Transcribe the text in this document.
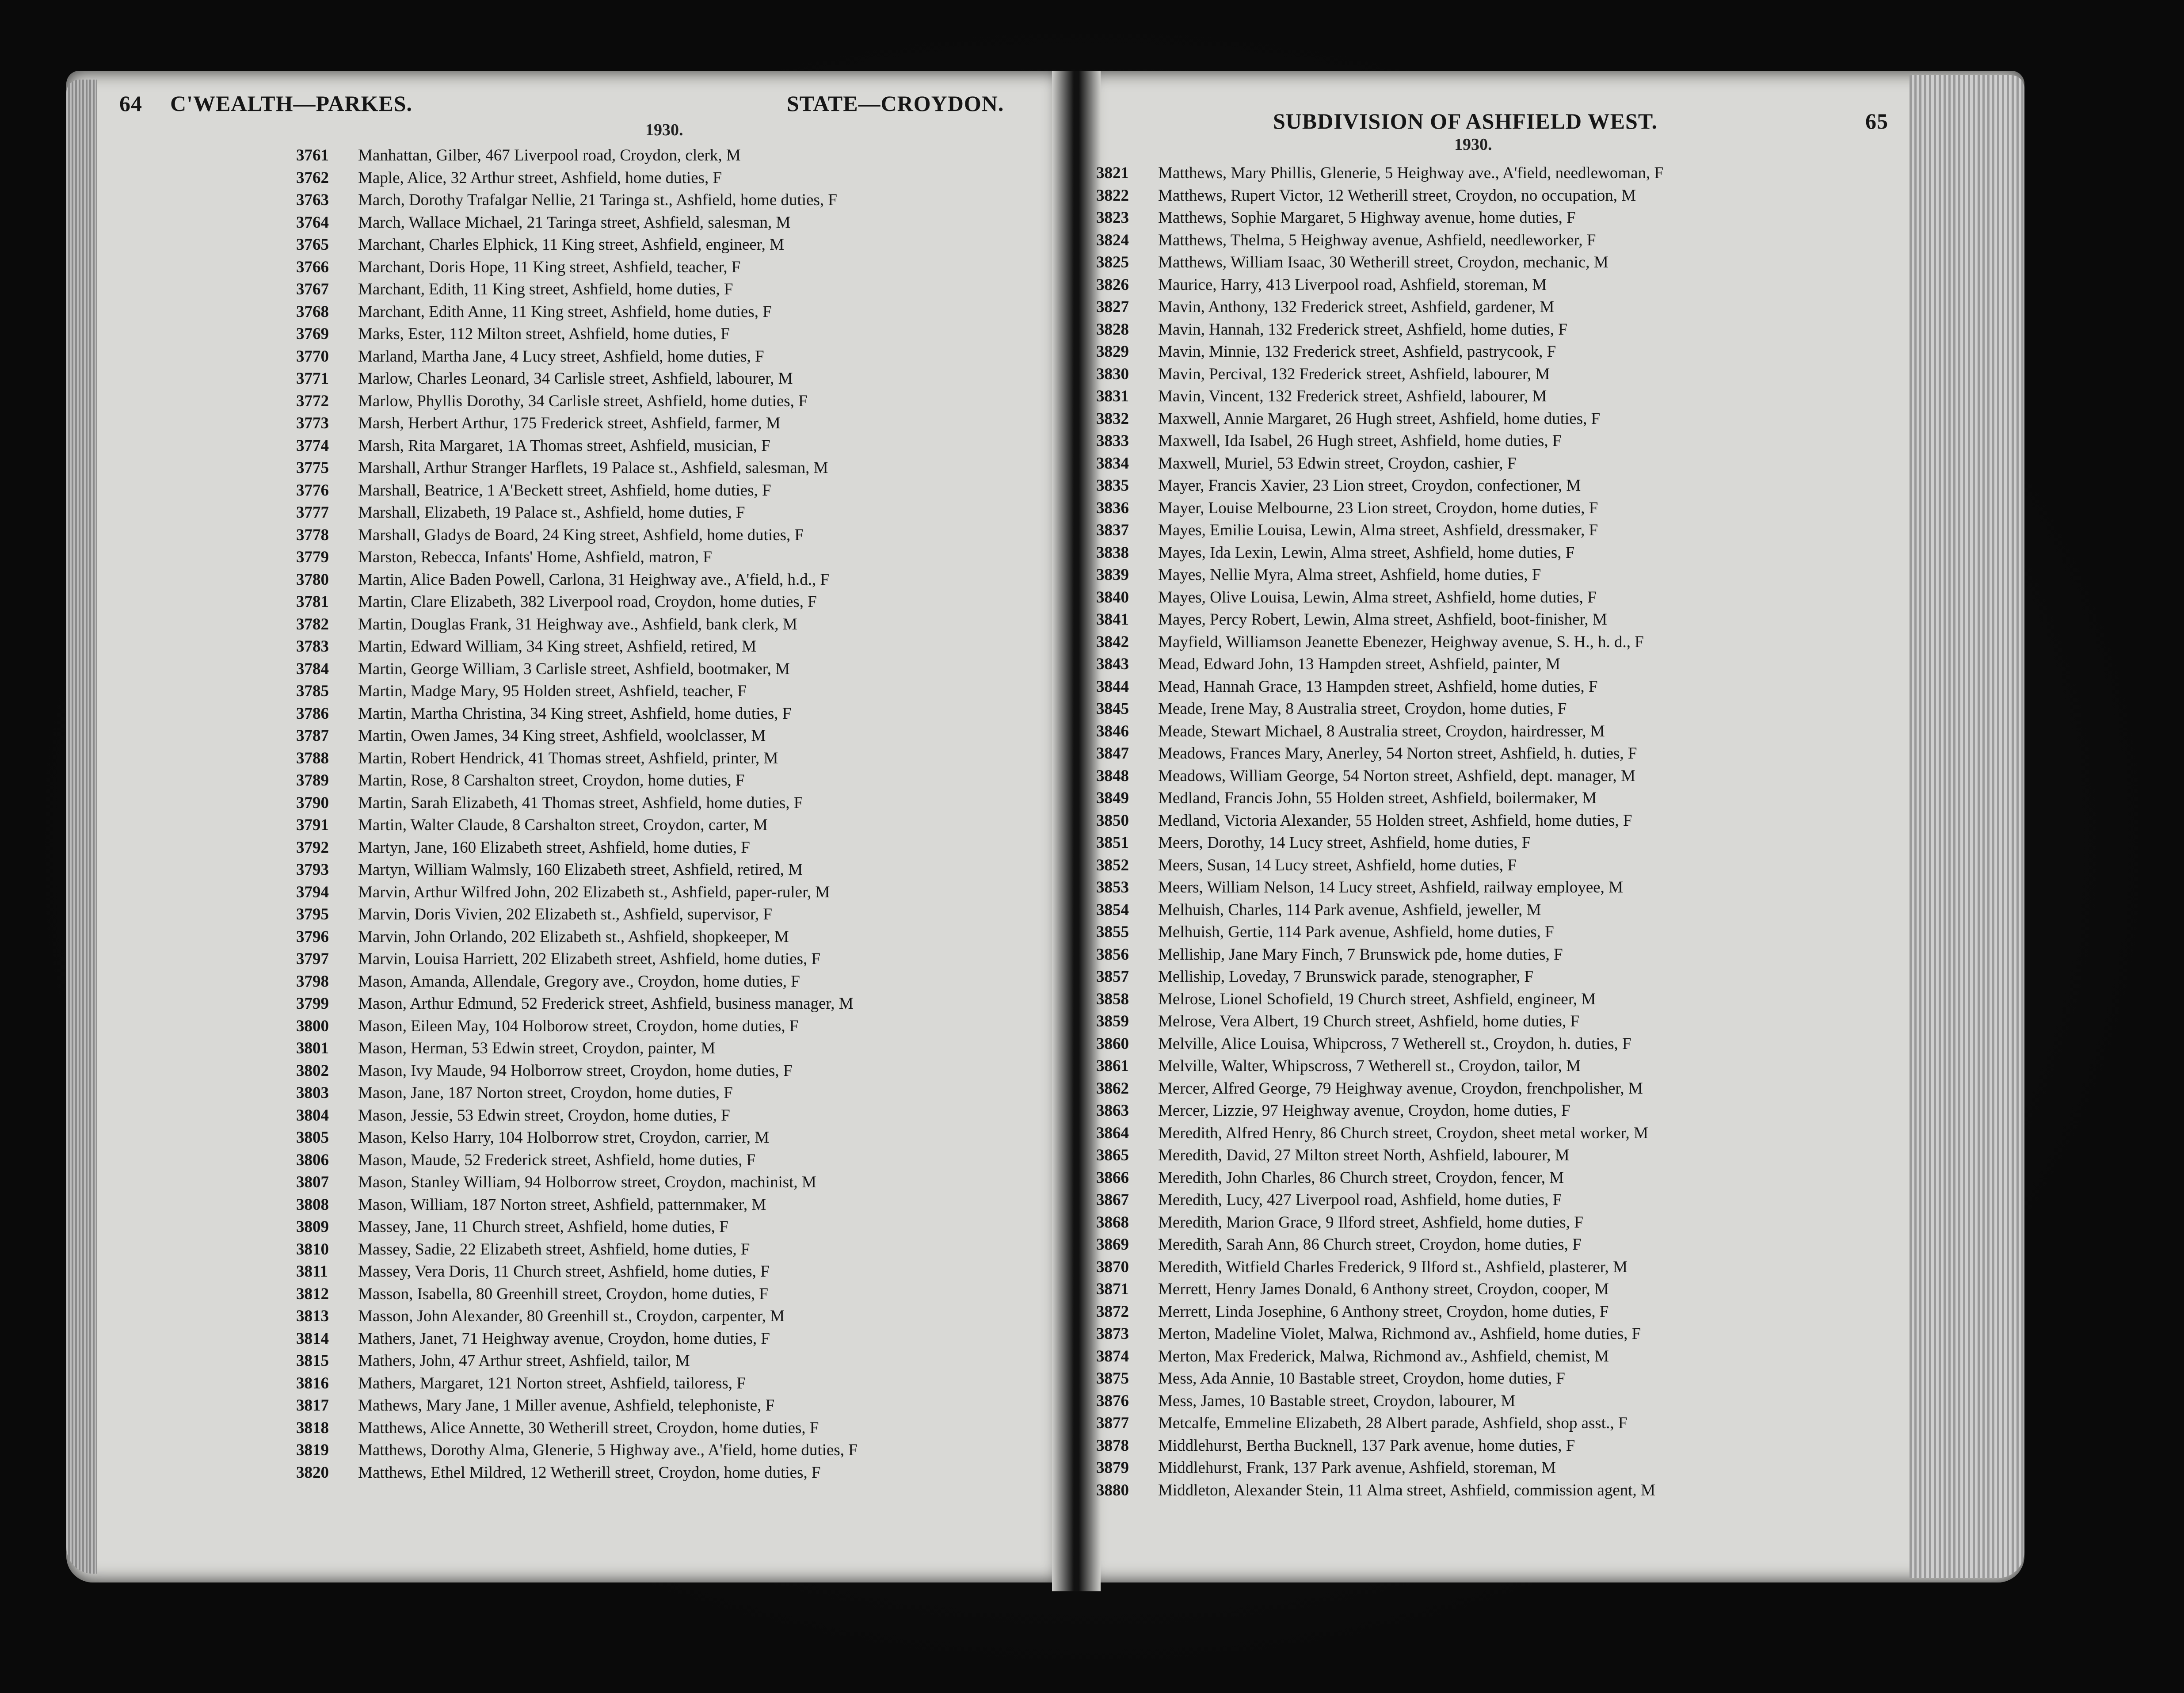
64 C'WEALTH—PARKES.	STATE—CROYDON.
1930.
3761	Manhattan, Gilber, 467 Liverpool road, Croydon, clerk, M
3762	Maple, Alice, 32 Arthur street, Ashfield, home duties, F
3763	March, Dorothy Trafalgar Nellie, 21 Taringa st., Ashfield, home duties, F
3764	March, Wallace Michael, 21 Taringa street, Ashfield, salesman, M
3765	Marchant, Charles Elphick, 11 King street, Ashfield, engineer, M
3766	Marchant, Doris Hope, 11 King street, Ashfield, teacher, F
3767	Marchant, Edith, 11 King street, Ashfield, home duties, F
3768	Marchant, Edith Anne, 11 King street, Ashfield, home duties, F
3769	Marks, Ester, 112 Milton street, Ashfield, home duties, F
3770	Marland, Martha Jane, 4 Lucy street, Ashfield, home duties, F
3771	Marlow, Charles Leonard, 34 Carlisle street, Ashfield, labourer, M
3772	Marlow, Phyllis Dorothy, 34 Carlisle street, Ashfield, home duties, F
3773	Marsh, Herbert Arthur, 175 Frederick street, Ashfield, farmer, M
3774	Marsh, Rita Margaret, 1A Thomas street, Ashfield, musician, F
3775	Marshall, Arthur Stranger Harflets, 19 Palace st., Ashfield, salesman, M
3776	Marshall, Beatrice, 1 A'Beckett street, Ashfield, home duties, F
3777	Marshall, Elizabeth, 19 Palace st., Ashfield, home duties, F
3778	Marshall, Gladys de Board, 24 King street, Ashfield, home duties, F
3779	Marston, Rebecca, Infants' Home, Ashfield, matron, F
3780	Martin, Alice Baden Powell, Carlona, 31 Heighway ave., A'field, h.d., F
3781	Martin, Clare Elizabeth, 382 Liverpool road, Croydon, home duties, F
3782	Martin, Douglas Frank, 31 Heighway ave., Ashfield, bank clerk, M
3783	Martin, Edward William, 34 King street, Ashfield, retired, M
3784	Martin, George William, 3 Carlisle street, Ashfield, bootmaker, M
3785	Martin, Madge Mary, 95 Holden street, Ashfield, teacher, F
3786	Martin, Martha Christina, 34 King street, Ashfield, home duties, F
3787	Martin, Owen James, 34 King street, Ashfield, woolclasser, M
3788	Martin, Robert Hendrick, 41 Thomas street, Ashfield, printer, M
3789	Martin, Rose, 8 Carshalton street, Croydon, home duties, F
3790	Martin, Sarah Elizabeth, 41 Thomas street, Ashfield, home duties, F
3791	Martin, Walter Claude, 8 Carshalton street, Croydon, carter, M
3792	Martyn, Jane, 160 Elizabeth street, Ashfield, home duties, F
3793	Martyn, William Walmsly, 160 Elizabeth street, Ashfield, retired, M
3794	Marvin, Arthur Wilfred John, 202 Elizabeth st., Ashfield, paper-ruler, M
3795	Marvin, Doris Vivien, 202 Elizabeth st., Ashfield, supervisor, F
3796	Marvin, John Orlando, 202 Elizabeth st., Ashfield, shopkeeper, M
3797	Marvin, Louisa Harriett, 202 Elizabeth street, Ashfield, home duties, F
3798	Mason, Amanda, Allendale, Gregory ave., Croydon, home duties, F
3799	Mason, Arthur Edmund, 52 Frederick street, Ashfield, business manager, M
3800	Mason, Eileen May, 104 Holborow street, Croydon, home duties, F
3801	Mason, Herman, 53 Edwin street, Croydon, painter, M
3802	Mason, Ivy Maude, 94 Holborrow street, Croydon, home duties, F
3803	Mason, Jane, 187 Norton street, Croydon, home duties, F
3804	Mason, Jessie, 53 Edwin street, Croydon, home duties, F
3805	Mason, Kelso Harry, 104 Holborrow stret, Croydon, carrier, M
3806	Mason, Maude, 52 Frederick street, Ashfield, home duties, F
3807	Mason, Stanley William, 94 Holborrow street, Croydon, machinist, M
3808	Mason, William, 187 Norton street, Ashfield, patternmaker, M
3809	Massey, Jane, 11 Church street, Ashfield, home duties, F
3810	Massey, Sadie, 22 Elizabeth street, Ashfield, home duties, F
3811	Massey, Vera Doris, 11 Church street, Ashfield, home duties, F
3812	Masson, Isabella, 80 Greenhill street, Croydon, home duties, F
3813	Masson, John Alexander, 80 Greenhill st., Croydon, carpenter, M
3814	Mathers, Janet, 71 Heighway avenue, Croydon, home duties, F
3815	Mathers, John, 47 Arthur street, Ashfield, tailor, M
3816	Mathers, Margaret, 121 Norton street, Ashfield, tailoress, F
3817	Mathews, Mary Jane, 1 Miller avenue, Ashfield, telephoniste, F
3818	Matthews, Alice Annette, 30 Wetherill street, Croydon, home duties, F
3819	Matthews, Dorothy Alma, Glenerie, 5 Highway ave., A'field, home duties, F
3820	Matthews, Ethel Mildred, 12 Wetherill street, Croydon, home duties, F
SUBDIVISION OF ASHFIELD WEST.	65
1930.
3821	Matthews, Mary Phillis, Glenerie, 5 Heighway ave., A'field, needlewoman, F
3822	Matthews, Rupert Victor, 12 Wetherill street, Croydon, no occupation, M
3823	Matthews, Sophie Margaret, 5 Highway avenue, home duties, F
3824	Matthews, Thelma, 5 Heighway avenue, Ashfield, needleworker, F
3825	Matthews, William Isaac, 30 Wetherill street, Croydon, mechanic, M
3826	Maurice, Harry, 413 Liverpool road, Ashfield, storeman, M
3827	Mavin, Anthony, 132 Frederick street, Ashfield, gardener, M
3828	Mavin, Hannah, 132 Frederick street, Ashfield, home duties, F
3829	Mavin, Minnie, 132 Frederick street, Ashfield, pastrycook, F
3830	Mavin, Percival, 132 Frederick street, Ashfield, labourer, M
3831	Mavin, Vincent, 132 Frederick street, Ashfield, labourer, M
3832	Maxwell, Annie Margaret, 26 Hugh street, Ashfield, home duties, F
3833	Maxwell, Ida Isabel, 26 Hugh street, Ashfield, home duties, F
3834	Maxwell, Muriel, 53 Edwin street, Croydon, cashier, F
3835	Mayer, Francis Xavier, 23 Lion street, Croydon, confectioner, M
3836	Mayer, Louise Melbourne, 23 Lion street, Croydon, home duties, F
3837	Mayes, Emilie Louisa, Lewin, Alma street, Ashfield, dressmaker, F
3838	Mayes, Ida Lexin, Lewin, Alma street, Ashfield, home duties, F
3839	Mayes, Nellie Myra, Alma street, Ashfield, home duties, F
3840	Mayes, Olive Louisa, Lewin, Alma street, Ashfield, home duties, F
3841	Mayes, Percy Robert, Lewin, Alma street, Ashfield, boot-finisher, M
3842	Mayfield, Williamson Jeanette Ebenezer, Heighway avenue, S. H., h. d., F
3843	Mead, Edward John, 13 Hampden street, Ashfield, painter, M
3844	Mead, Hannah Grace, 13 Hampden street, Ashfield, home duties, F
3845	Meade, Irene May, 8 Australia street, Croydon, home duties, F
3846	Meade, Stewart Michael, 8 Australia street, Croydon, hairdresser, M
3847	Meadows, Frances Mary, Anerley, 54 Norton street, Ashfield, h. duties, F
3848	Meadows, William George, 54 Norton street, Ashfield, dept. manager, M
3849	Medland, Francis John, 55 Holden street, Ashfield, boilermaker, M
3850	Medland, Victoria Alexander, 55 Holden street, Ashfield, home duties, F
3851	Meers, Dorothy, 14 Lucy street, Ashfield, home duties, F
3852	Meers, Susan, 14 Lucy street, Ashfield, home duties, F
3853	Meers, William Nelson, 14 Lucy street, Ashfield, railway employee, M
3854	Melhuish, Charles, 114 Park avenue, Ashfield, jeweller, M
3855	Melhuish, Gertie, 114 Park avenue, Ashfield, home duties, F
3856	Melliship, Jane Mary Finch, 7 Brunswick pde, home duties, F
3857	Melliship, Loveday, 7 Brunswick parade, stenographer, F
3858	Melrose, Lionel Schofield, 19 Church street, Ashfield, engineer, M
3859	Melrose, Vera Albert, 19 Church street, Ashfield, home duties, F
3860	Melville, Alice Louisa, Whipcross, 7 Wetherell st., Croydon, h. duties, F
3861	Melville, Walter, Whipscross, 7 Wetherell st., Croydon, tailor, M
3862	Mercer, Alfred George, 79 Heighway avenue, Croydon, frenchpolisher, M
3863	Mercer, Lizzie, 97 Heighway avenue, Croydon, home duties, F
3864	Meredith, Alfred Henry, 86 Church street, Croydon, sheet metal worker, M
3865	Meredith, David, 27 Milton street North, Ashfield, labourer, M
3866	Meredith, John Charles, 86 Church street, Croydon, fencer, M
3867	Meredith, Lucy, 427 Liverpool road, Ashfield, home duties, F
3868	Meredith, Marion Grace, 9 Ilford street, Ashfield, home duties, F
3869	Meredith, Sarah Ann, 86 Church street, Croydon, home duties, F
3870	Meredith, Witfield Charles Frederick, 9 Ilford st., Ashfield, plasterer, M
3871	Merrett, Henry James Donald, 6 Anthony street, Croydon, cooper, M
3872	Merrett, Linda Josephine, 6 Anthony street, Croydon, home duties, F
3873	Merton, Madeline Violet, Malwa, Richmond av., Ashfield, home duties, F
3874	Merton, Max Frederick, Malwa, Richmond av., Ashfield, chemist, M
3875	Mess, Ada Annie, 10 Bastable street, Croydon, home duties, F
3876	Mess, James, 10 Bastable street, Croydon, labourer, M
3877	Metcalfe, Emmeline Elizabeth, 28 Albert parade, Ashfield, shop asst., F
3878	Middlehurst, Bertha Bucknell, 137 Park avenue, home duties, F
3879	Middlehurst, Frank, 137 Park avenue, Ashfield, storeman, M
3880	Middleton, Alexander Stein, 11 Alma street, Ashfield, commission agent, M
